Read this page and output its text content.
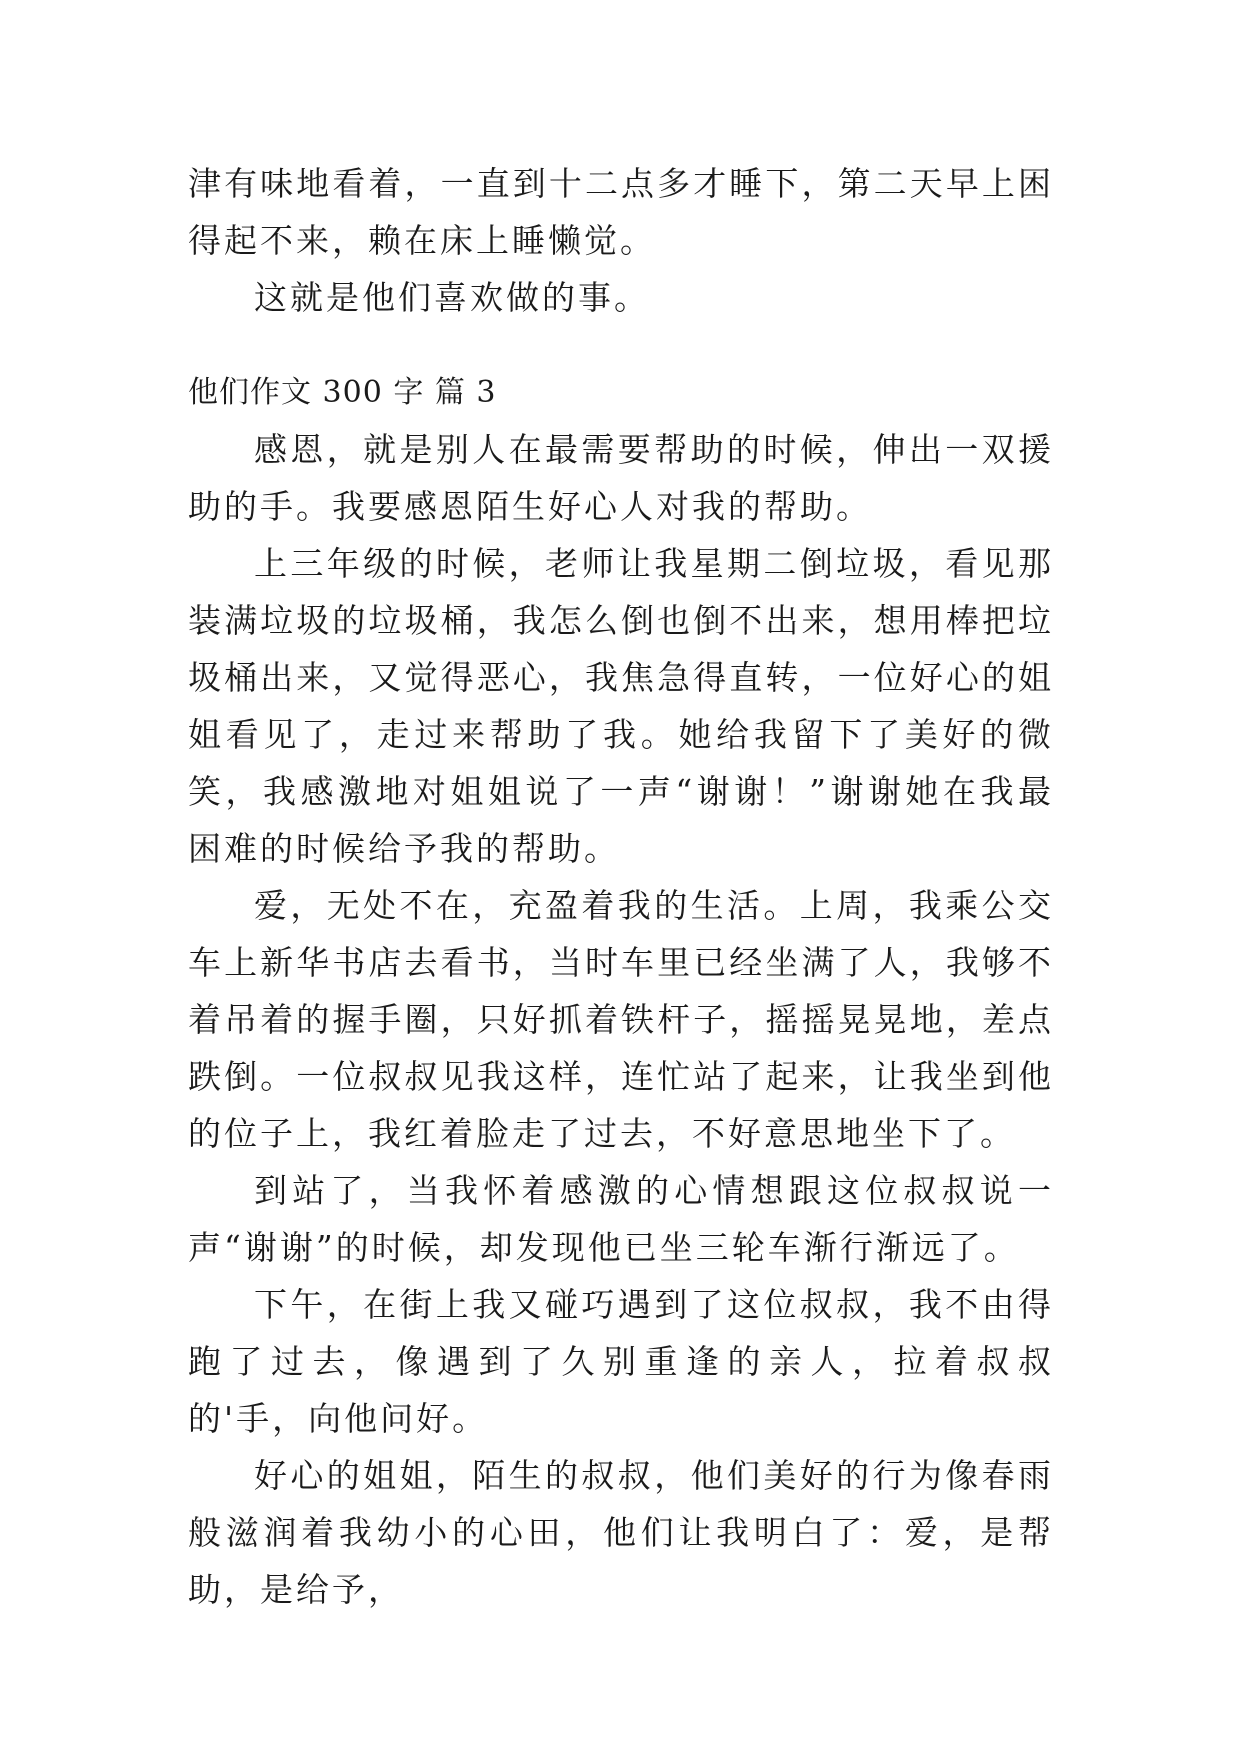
津有味地看着，一直到十二点多才睡下，第二天早上困得起不来，赖在床上睡懒觉。

这就是他们喜欢做的事。

他们作文 300 字 篇 3

感恩，就是别人在最需要帮助的时候，伸出一双援助的手。我要感恩陌生好心人对我的帮助。

上三年级的时候，老师让我星期二倒垃圾，看见那装满垃圾的垃圾桶，我怎么倒也倒不出来，想用棒把垃圾桶出来，又觉得恶心，我焦急得直转，一位好心的姐姐看见了，走过来帮助了我。她给我留下了美好的微笑，我感激地对姐姐说了一声“谢谢！”谢谢她在我最困难的时候给予我的帮助。

爱，无处不在，充盈着我的生活。上周，我乘公交车上新华书店去看书，当时车里已经坐满了人，我够不着吊着的握手圈，只好抓着铁杆子，摇摇晃晃地，差点跌倒。一位叔叔见我这样，连忙站了起来，让我坐到他的位子上，我红着脸走了过去，不好意思地坐下了。

到站了，当我怀着感激的心情想跟这位叔叔说一声“谢谢”的时候，却发现他已坐三轮车渐行渐远了。

下午，在街上我又碰巧遇到了这位叔叔，我不由得跑了过去，像遇到了久别重逢的亲人，拉着叔叔的'手，向他问好。

好心的姐姐，陌生的叔叔，他们美好的行为像春雨般滋润着我幼小的心田，他们让我明白了：爱，是帮助，是给予，
